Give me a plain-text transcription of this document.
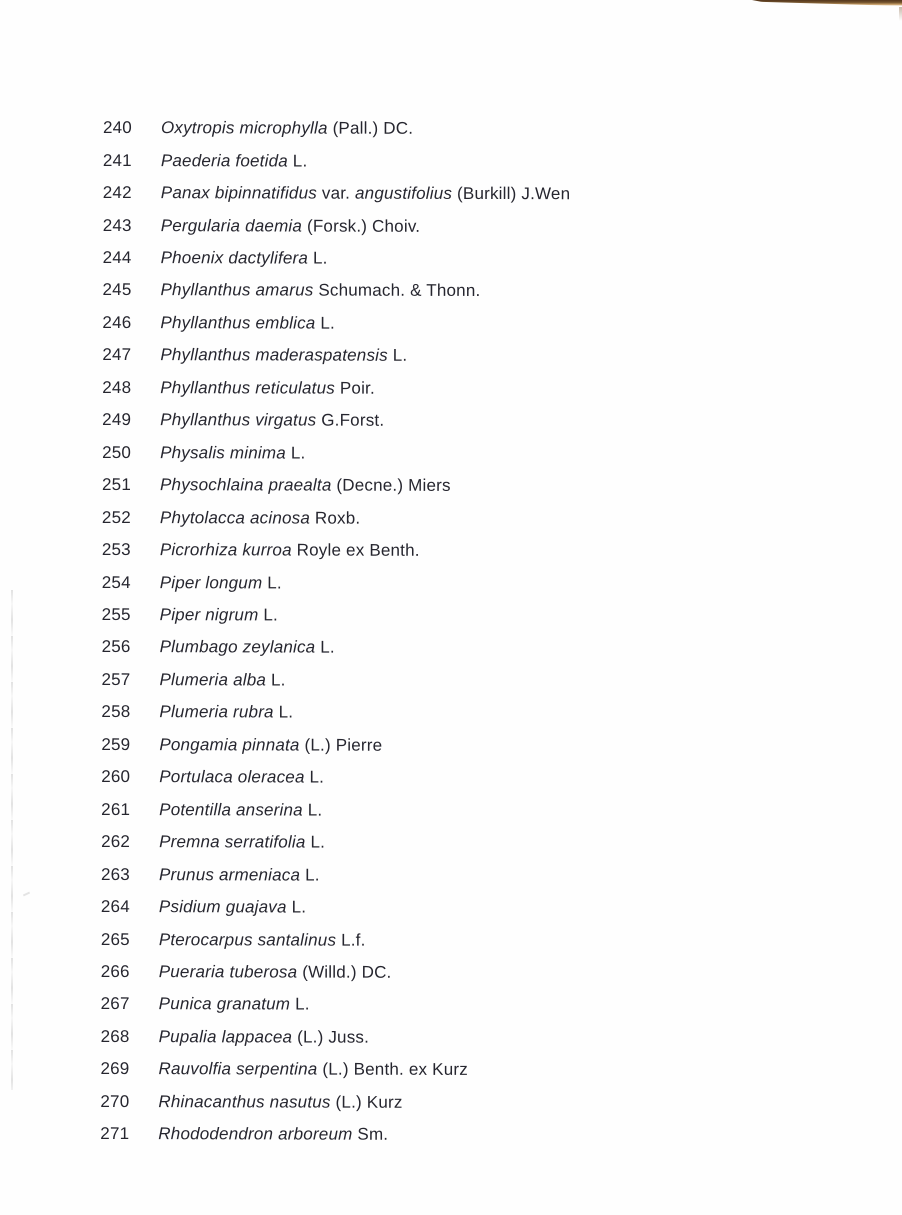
240	Oxytropis microphylla (Pall.) DC.
241	Paederia foetida L.
242	Panax bipinnatifidus var. angustifolius (Burkill) J.Wen
243	Pergularia daemia (Forsk.) Choiv.
244	Phoenix dactylifera L.
245	Phyllanthus amarus Schumach. & Thonn.
246	Phyllanthus emblica L.
247	Phyllanthus maderaspatensis L.
248	Phyllanthus reticulatus Poir.
249	Phyllanthus virgatus G.Forst.
250	Physalis minima L.
251	Physochlaina praealta (Decne.) Miers
252	Phytolacca acinosa Roxb.
253	Picrorhiza kurroa Royle ex Benth.
254	Piper longum L.
255	Piper nigrum L.
256	Plumbago zeylanica L.
257	Plumeria alba L.
258	Plumeria rubra L.
259	Pongamia pinnata (L.) Pierre
260	Portulaca oleracea L.
261	Potentilla anserina L.
262	Premna serratifolia L.
263	Prunus armeniaca L.
264	Psidium guajava L.
265	Pterocarpus santalinus L.f.
266	Pueraria tuberosa (Willd.) DC.
267	Punica granatum L.
268	Pupalia lappacea (L.) Juss.
269	Rauvolfia serpentina (L.) Benth. ex Kurz
270	Rhinacanthus nasutus (L.) Kurz
271	Rhododendron arboreum Sm.
